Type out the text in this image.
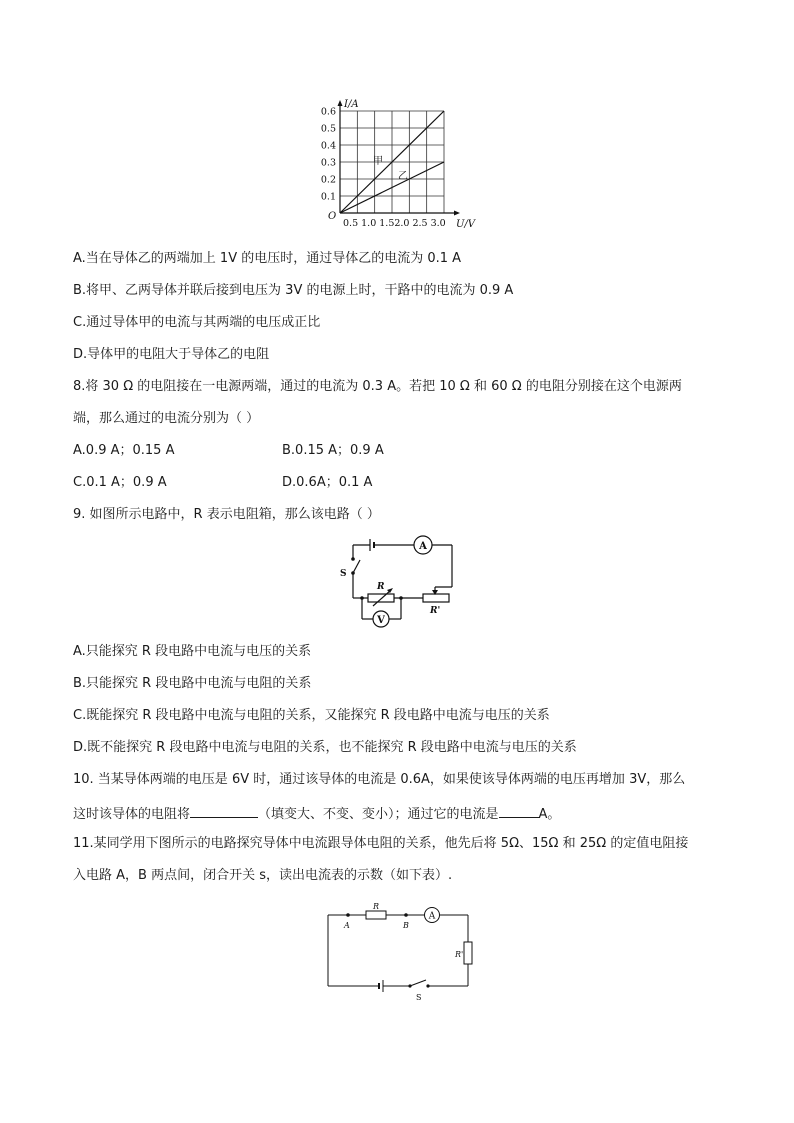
0.6
0.5
0.4
0.3
0.2
0.1
I/A
U/V
O
0.5 1.0 1.52.0 2.5 3.0
甲
乙
A.当在导体乙的两端加上 1V 的电压时，通过导体乙的电流为 0.1 A
B.将甲、乙两导体并联后接到电压为 3V 的电源上时，干路中的电流为 0.9 A
C.通过导体甲的电流与其两端的电压成正比
D.导体甲的电阻大于导体乙的电阻
8.将 30 Ω 的电阻接在一电源两端，通过的电流为 0.3 A。若把 10 Ω 和 60 Ω 的电阻分别接在这个电源两
端，那么通过的电流分别为（ ）
A.0.9 A；0.15 A	B.0.15 A；0.9 A
C.0.1 A；0.9 A	D.0.6A；0.1 A
9. 如图所示电路中，R 表示电阻箱，那么该电路（ ）
A
V
S
R
R'
A.只能探究 R 段电路中电流与电压的关系
B.只能探究 R 段电路中电流与电阻的关系
C.既能探究 R 段电路中电流与电阻的关系，又能探究 R 段电路中电流与电压的关系
D.既不能探究 R 段电路中电流与电阻的关系，也不能探究 R 段电路中电流与电压的关系
10. 当某导体两端的电压是 6V 时，通过该导体的电流是 0.6A，如果使该导体两端的电压再增加 3V，那么
这时该导体的电阻将	（填变大、不变、变小）；通过它的电流是	A。
11.某同学用下图所示的电路探究导体中电流跟导体电阻的关系，他先后将 5Ω、15Ω 和 25Ω 的定值电阻接
入电路 A，B 两点间，闭合开关 s，读出电流表的示数（如下表）.
A
A	B
R
R'
S
